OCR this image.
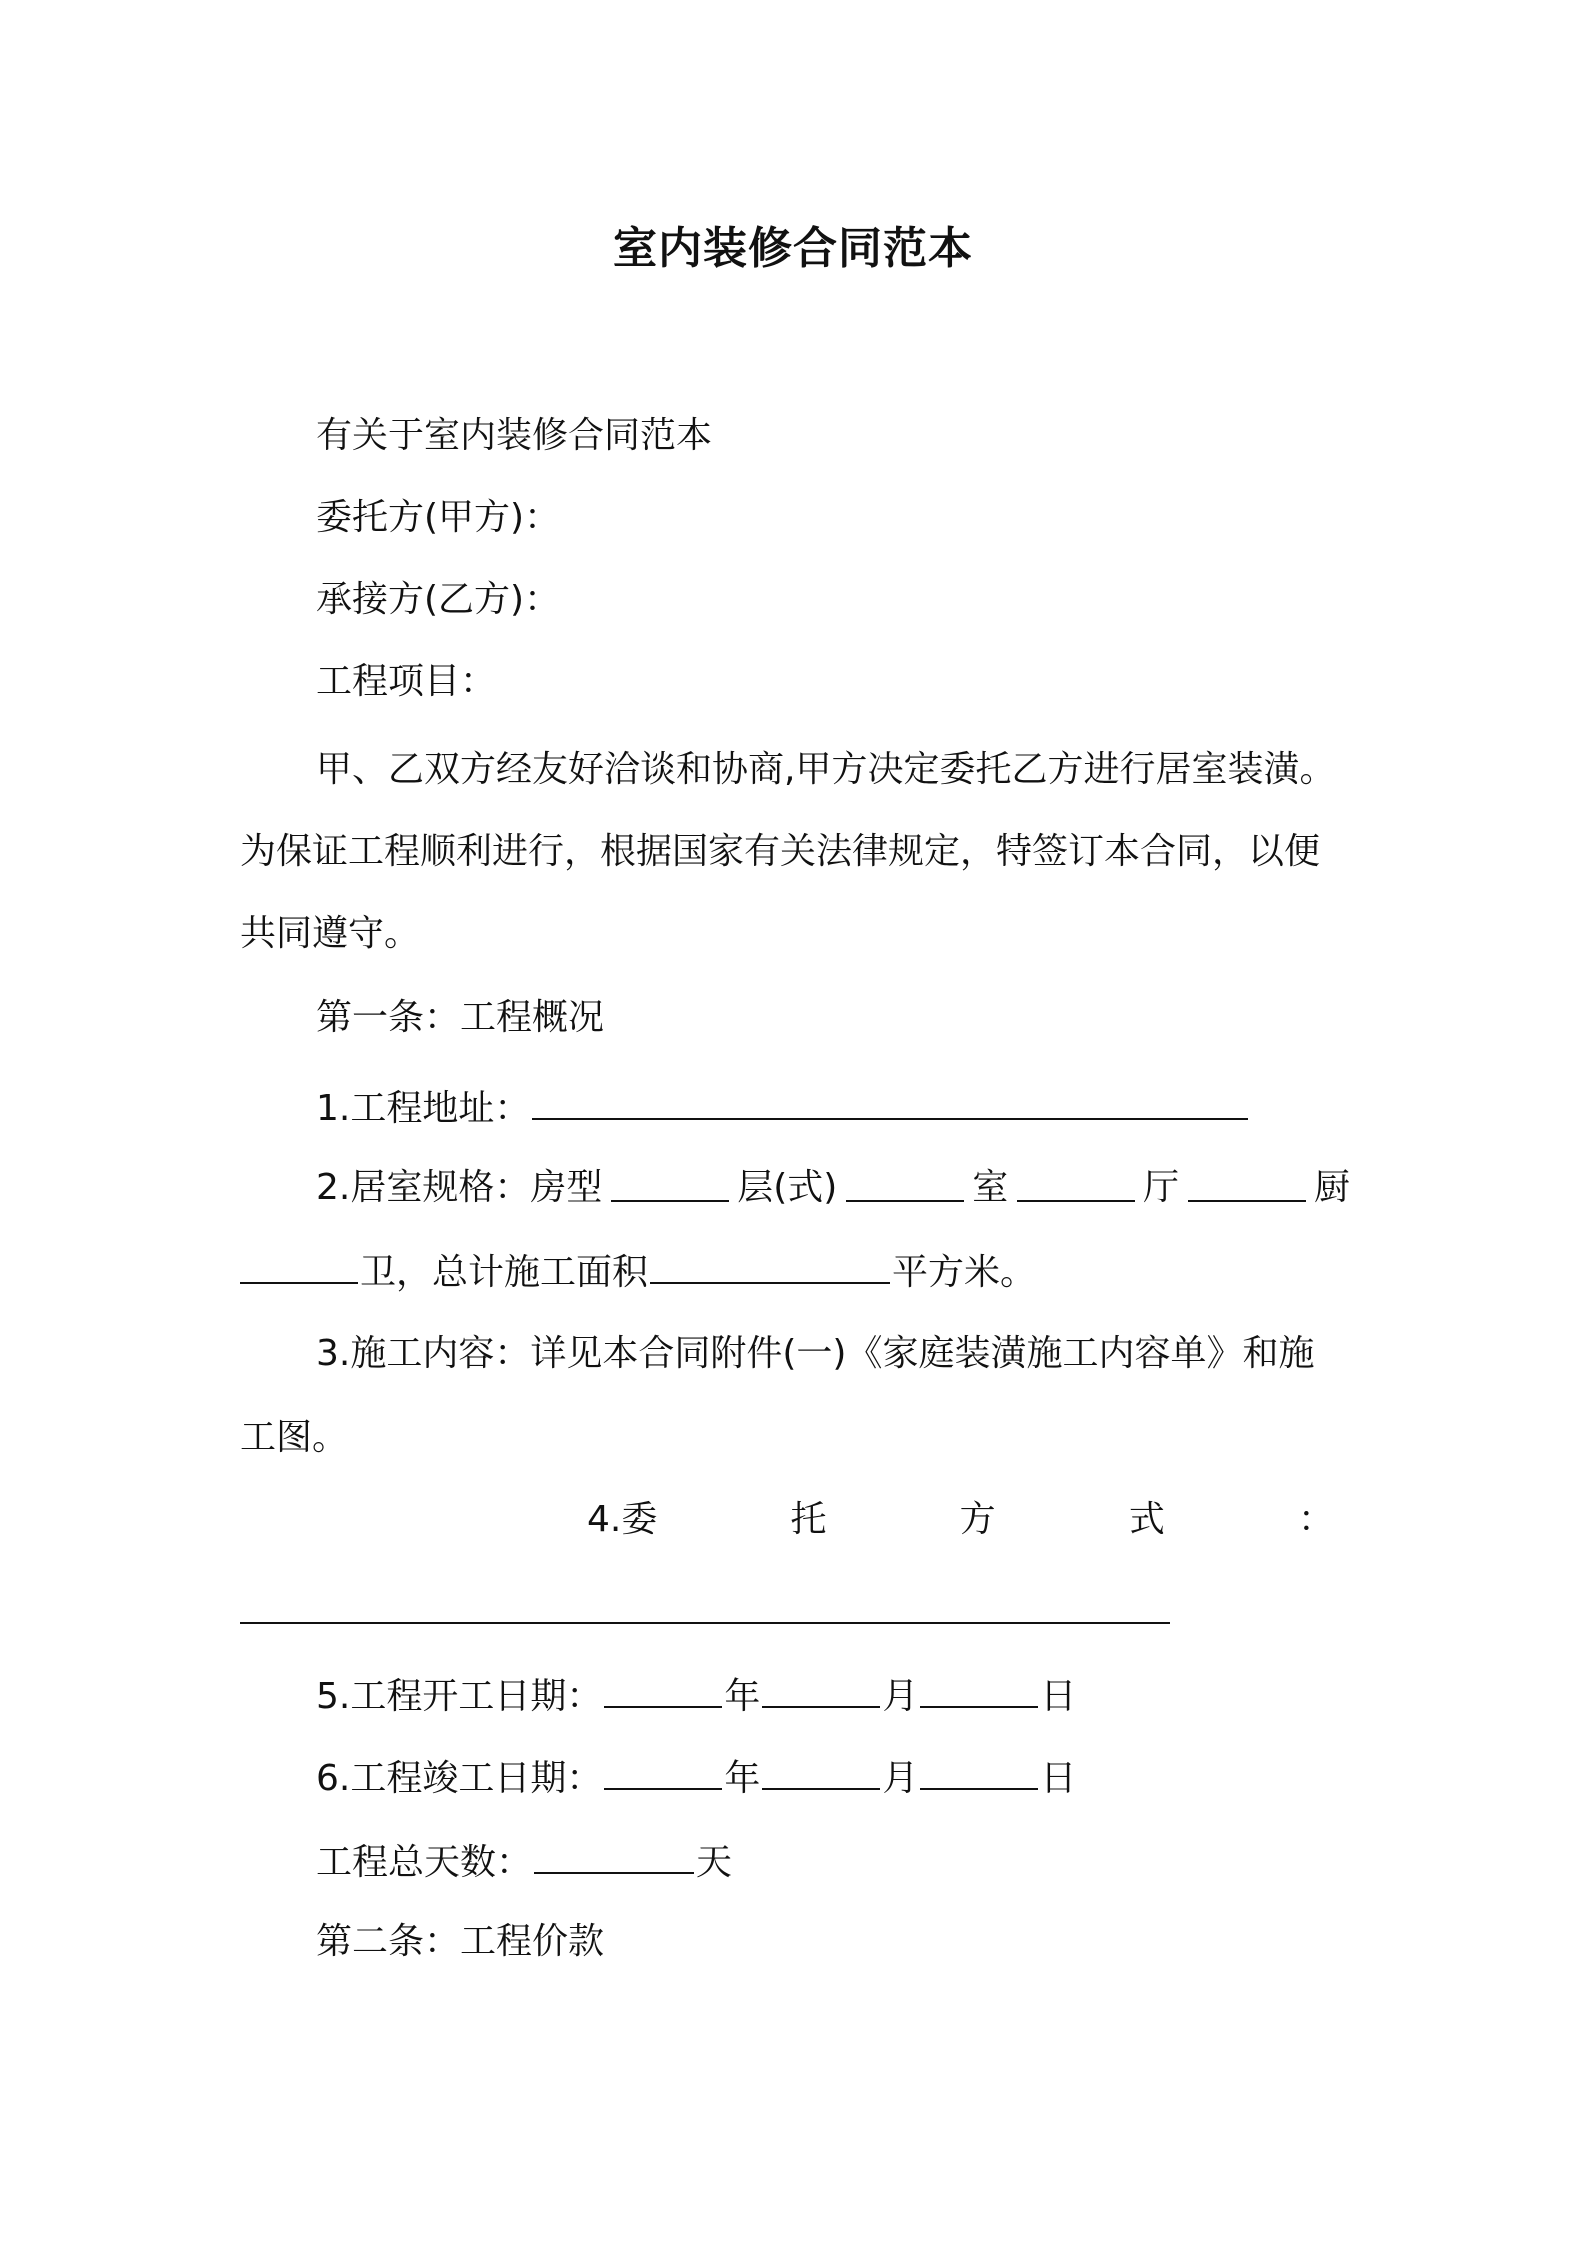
室内装修合同范本
有关于室内装修合同范本
委托方(甲方)：
承接方(乙方)：
工程项目：
甲、乙双方经友好洽谈和协商,甲方决定委托乙方进行居室装潢。
为保证工程顺利进行，根据国家有关法律规定，特签订本合同，以便
共同遵守。
第一条：工程概况
1.工程地址：
2.居室规格：房型	层(式)	室	厅	厨
卫，总计施工面积	平方米。
3.施工内容：详见本合同附件(一)《家庭装潢施工内容单》和施
工图。
4.委	托	方	式	：
5.工程开工日期：	年	月	日
6.工程竣工日期：	年	月	日
工程总天数：	天
第二条：工程价款
